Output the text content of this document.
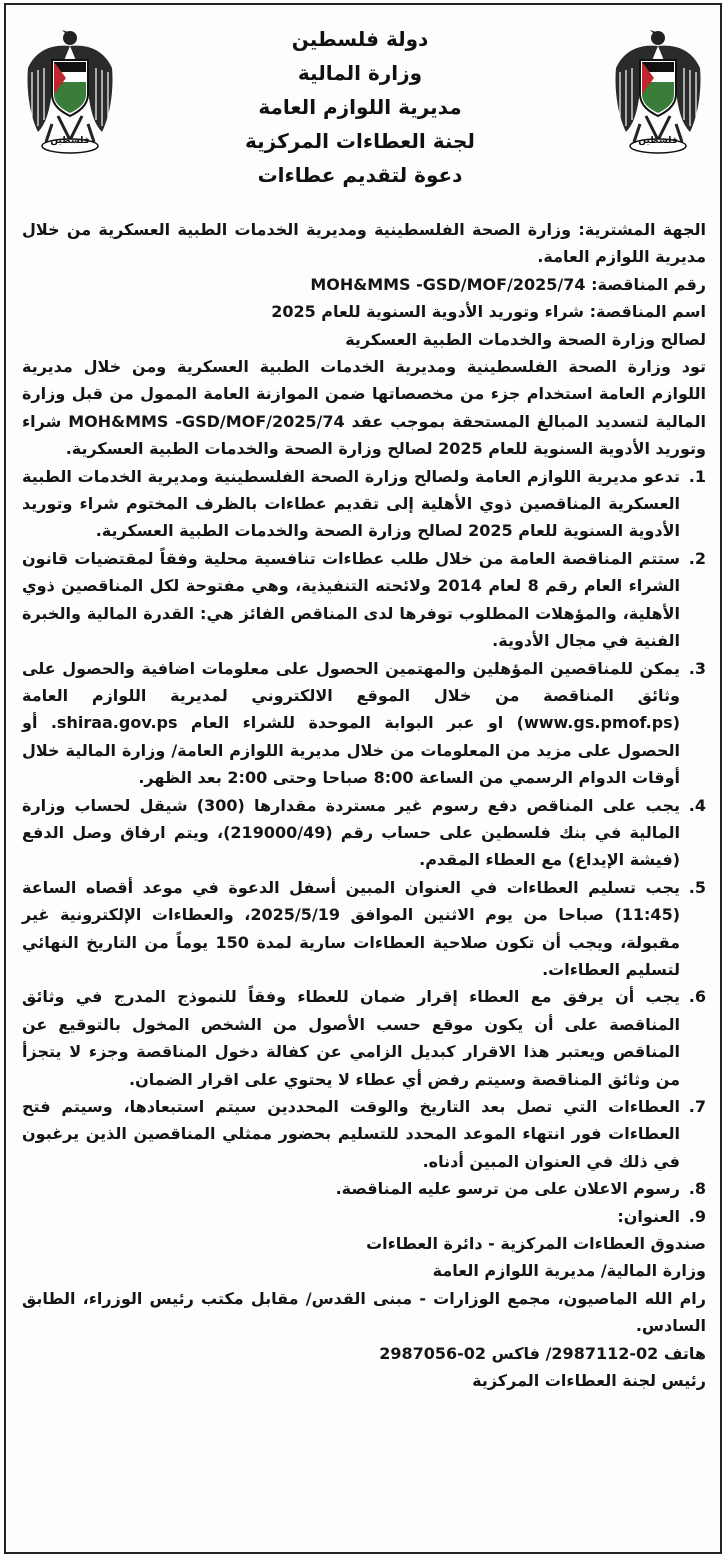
فلسطين	فلسطين
دولة فلسطين
وزارة المالية
مديرية اللوازم العامة
لجنة العطاءات المركزية
دعوة لتقديم عطاءات

الجهة المشترية: وزارة الصحة الفلسطينية ومديرية الخدمات الطبية العسكرية من خلال مديرية اللوازم العامة.

رقم المناقصة: MOH&MMS -GSD/MOF/2025/74

اسم المناقصة: شراء وتوريد الأدوية السنوية للعام 2025

لصالح وزارة الصحة والخدمات الطبية العسكرية

تود وزارة الصحة الفلسطينية ومديرية الخدمات الطبية العسكرية ومن خلال مديرية اللوازم العامة استخدام جزء من مخصصاتها ضمن الموازنة العامة الممول من قبل وزارة المالية لتسديد المبالغ المستحقة بموجب عقد MOH&MMS -GSD/MOF/2025/74 شراء وتوريد الأدوية السنوية للعام 2025 لصالح وزارة الصحة والخدمات الطبية العسكرية.

1.
تدعو مديرية اللوازم العامة ولصالح وزارة الصحة الفلسطينية ومديرية الخدمات الطبية العسكرية المناقصين ذوي الأهلية إلى تقديم عطاءات بالظرف المختوم شراء وتوريد الأدوية السنوية للعام 2025 لصالح وزارة الصحة والخدمات الطبية العسكرية.
2.
ستتم المناقصة العامة من خلال طلب عطاءات تنافسية محلية وفقاً لمقتضيات قانون الشراء العام رقم 8 لعام 2014 ولائحته التنفيذية، وهي مفتوحة لكل المناقصين ذوي الأهلية، والمؤهلات المطلوب توفرها لدى المناقص الفائز هي: القدرة المالية والخبرة الفنية في مجال الأدوية.
3.
يمكن للمناقصين المؤهلين والمهتمين الحصول على معلومات اضافية والحصول على وثائق المناقصة من خلال الموقع الالكتروني لمديرية اللوازم العامة (www.gs.pmof.ps) او عبر البوابة الموحدة للشراء العام shiraa.gov.ps. أو الحصول على مزيد من المعلومات من خلال مديرية اللوازم العامة/ وزارة المالية خلال أوقات الدوام الرسمي من الساعة 8:00 صباحا وحتى 2:00 بعد الظهر.
4.
يجب على المناقص دفع رسوم غير مستردة مقدارها (300) شيقل لحساب وزارة المالية في بنك فلسطين على حساب رقم (219000/49)، ويتم ارفاق وصل الدفع (فيشة الإيداع) مع العطاء المقدم.
5.
يجب تسليم العطاءات في العنوان المبين أسفل الدعوة في موعد أقصاه الساعة (11:45) صباحا من يوم الاثنين الموافق 2025/5/19، والعطاءات الإلكترونية غير مقبولة، ويجب أن تكون صلاحية العطاءات سارية لمدة 150 يوماً من التاريخ النهائي لتسليم العطاءات.
6.
يجب أن يرفق مع العطاء إقرار ضمان للعطاء وفقاً للنموذج المدرج في وثائق المناقصة على أن يكون موقع حسب الأصول من الشخص المخول بالتوقيع عن المناقص ويعتبر هذا الاقرار كبديل الزامي عن كفالة دخول المناقصة وجزء لا يتجزأ من وثائق المناقصة وسيتم رفض أي عطاء لا يحتوي على اقرار الضمان.
7.
العطاءات التي تصل بعد التاريخ والوقت المحددين سيتم استبعادها، وسيتم فتح العطاءات فور انتهاء الموعد المحدد للتسليم بحضور ممثلي المناقصين الذين يرغبون في ذلك في العنوان المبين أدناه.
8.
رسوم الاعلان على من ترسو عليه المناقصة.
9.
العنوان:

صندوق العطاءات المركزية - دائرة العطاءات

وزارة المالية/ مديرية اللوازم العامة

رام الله الماصيون، مجمع الوزارات - مبنى القدس/ مقابل مكتب رئيس الوزراء، الطابق السادس.

هاتف 02-2987112/ فاكس 02-2987056

رئيس لجنة العطاءات المركزية
